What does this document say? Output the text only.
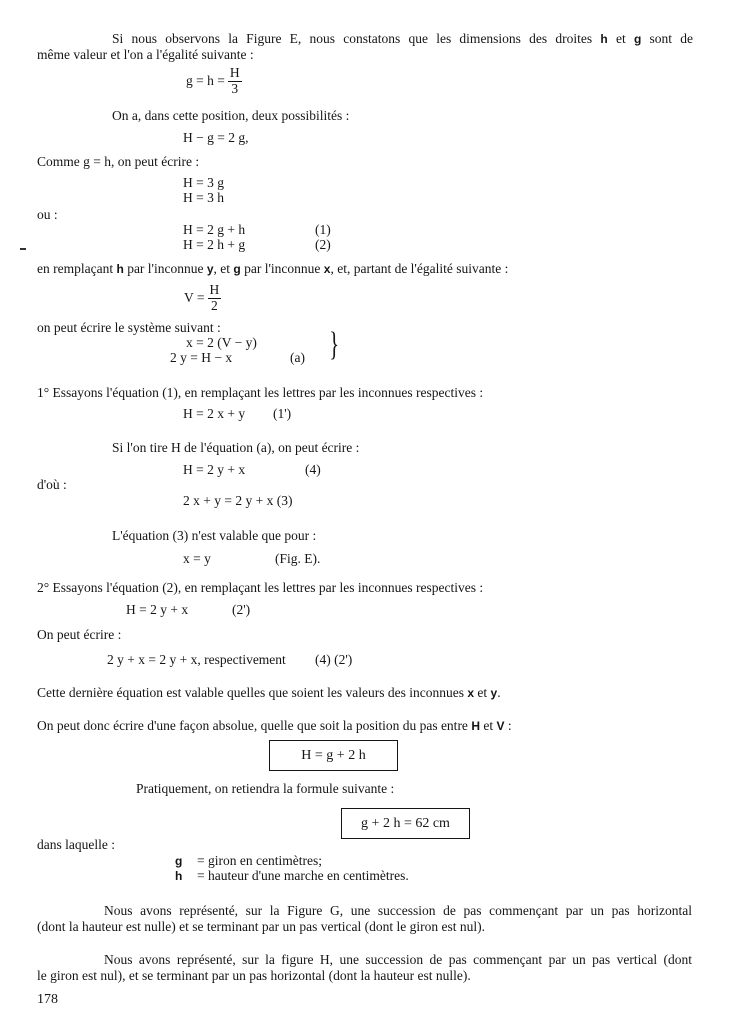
Si nous observons la Figure E, nous constatons que les dimensions des droites h et g sont de
même valeur et l'on a l'égalité suivante :
$g = h = \frac{H}{3}$
On a, dans cette position, deux possibilités :
H − g = 2 g,
Comme g = h, on peut écrire :
H = 3 g
H = 3 h
ou :
H = 2 g + h	(1)
H = 2 h + g	(2)
en remplaçant h par l'inconnue y, et g par l'inconnue x, et, partant de l'égalité suivante :
$V = \frac{H}{2}$
on peut écrire le système suivant :
x = 2 (V − y)
2 y = H − x	(a) }
1° Essayons l'équation (1), en remplaçant les lettres par les inconnues respectives :
H = 2 x + y (1')
Si l'on tire H de l'équation (a), on peut écrire :
H = 2 y + x	(4)
d'où :
2 x + y = 2 y + x (3)
L'équation (3) n'est valable que pour :
x = y	(Fig. E).
2° Essayons l'équation (2), en remplaçant les lettres par les inconnues respectives :
H = 2 y + x	(2')
On peut écrire :
2 y + x = 2 y + x, respectivement (4) (2')
Cette dernière équation est valable quelles que soient les valeurs des inconnues x et y.
On peut donc écrire d'une façon absolue, quelle que soit la position du pas entre H et V :
H = g + 2 h
Pratiquement, on retiendra la formule suivante :
g + 2 h = 62 cm
dans laquelle :
g = giron en centimètres;
h = hauteur d'une marche en centimètres.
Nous avons représenté, sur la Figure G, une succession de pas commençant par un pas horizontal
(dont la hauteur est nulle) et se terminant par un pas vertical (dont le giron est nul).
Nous avons représenté, sur la figure H, une succession de pas commençant par un pas vertical (dont
le giron est nul), et se terminant par un pas horizontal (dont la hauteur est nulle).
178
